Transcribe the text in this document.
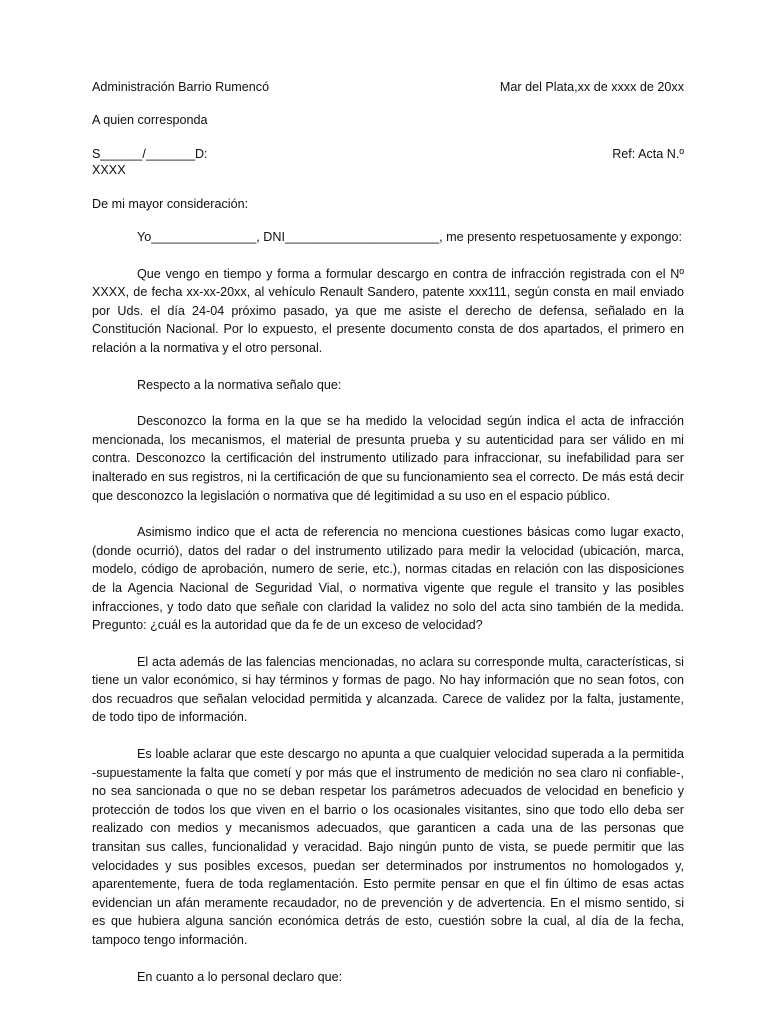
Administración Barrio Rumencó	Mar del Plata,xx de xxxx de 20xx
A quien corresponda
S______/_______D:	Ref: Acta N.º
XXXX
De mi mayor consideración:

Yo_______________, DNI______________________, me presento respetuosamente y expongo:

Que vengo en tiempo y forma a formular descargo en contra de infracción registrada con el Nº XXXX, de fecha xx-xx-20xx, al vehículo Renault Sandero, patente xxx111, según consta en mail enviado por Uds. el día 24-04 próximo pasado, ya que me asiste el derecho de defensa, señalado en la Constitución Nacional. Por lo expuesto, el presente documento consta de dos apartados, el primero en relación a la normativa y el otro personal.

Respecto a la normativa señalo que:

Desconozco la forma en la que se ha medido la velocidad según indica el acta de infracción mencionada, los mecanismos, el material de presunta prueba y su autenticidad para ser válido en mi contra. Desconozco la certificación del instrumento utilizado para infraccionar, su inefabilidad para ser inalterado en sus registros, ni la certificación de que su funcionamiento sea el correcto. De más está decir que desconozco la legislación o normativa que dé legitimidad a su uso en el espacio público.

Asimismo indico que el acta de referencia no menciona cuestiones básicas como lugar exacto, (donde ocurrió), datos del radar o del instrumento utilizado para medir la velocidad (ubicación, marca, modelo, código de aprobación, numero de serie, etc.), normas citadas en relación con las disposiciones de la Agencia Nacional de Seguridad Vial, o normativa vigente que regule el transito y las posibles infracciones, y todo dato que señale con claridad la validez no solo del acta sino también de la medida. Pregunto: ¿cuál es la autoridad que da fe de un exceso de velocidad?

El acta además de las falencias mencionadas, no aclara su corresponde multa, características, si tiene un valor económico, si hay términos y formas de pago. No hay información que no sean fotos, con dos recuadros que señalan velocidad permitida y alcanzada. Carece de validez por la falta, justamente, de todo tipo de información.

Es loable aclarar que este descargo no apunta a que cualquier velocidad superada a la permitida -supuestamente la falta que cometí y por más que el instrumento de medición no sea claro ni confiable-, no sea sancionada o que no se deban respetar los parámetros adecuados de velocidad en beneficio y protección de todos los que viven en el barrio o los ocasionales visitantes, sino que todo ello deba ser realizado con medios y mecanismos adecuados, que garanticen a cada una de las personas que transitan sus calles, funcionalidad y veracidad. Bajo ningún punto de vista, se puede permitir que las velocidades y sus posibles excesos, puedan ser determinados por instrumentos no homologados y, aparentemente, fuera de toda reglamentación. Esto permite pensar en que el fin último de esas actas evidencian un afán meramente recaudador, no de prevención y de advertencia. En el mismo sentido, si es que hubiera alguna sanción económica detrás de esto, cuestión sobre la cual, al día de la fecha, tampoco tengo información.

En cuanto a lo personal declaro que:
